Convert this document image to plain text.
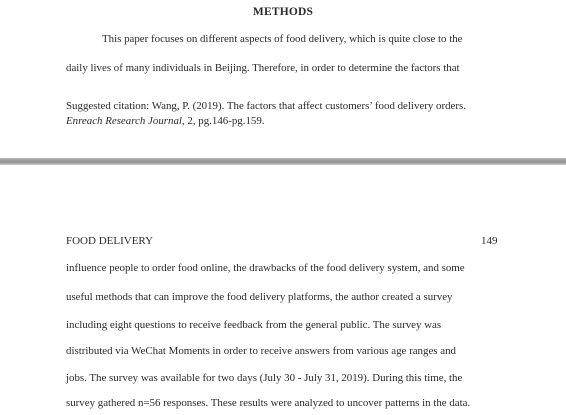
METHODS
This paper focuses on different aspects of food delivery, which is quite close to the
daily lives of many individuals in Beijing. Therefore, in order to determine the factors that
Suggested citation: Wang, P. (2019). The factors that affect customers’ food delivery orders.
Enreach Research Journal, 2, pg.146-pg.159.
FOOD DELIVERY	149
influence people to order food online, the drawbacks of the food delivery system, and some
useful methods that can improve the food delivery platforms, the author created a survey
including eight questions to receive feedback from the general public. The survey was
distributed via WeChat Moments in order to receive answers from various age ranges and
jobs. The survey was available for two days (July 30 - July 31, 2019). During this time, the
survey gathered n=56 responses. These results were analyzed to uncover patterns in the data.
